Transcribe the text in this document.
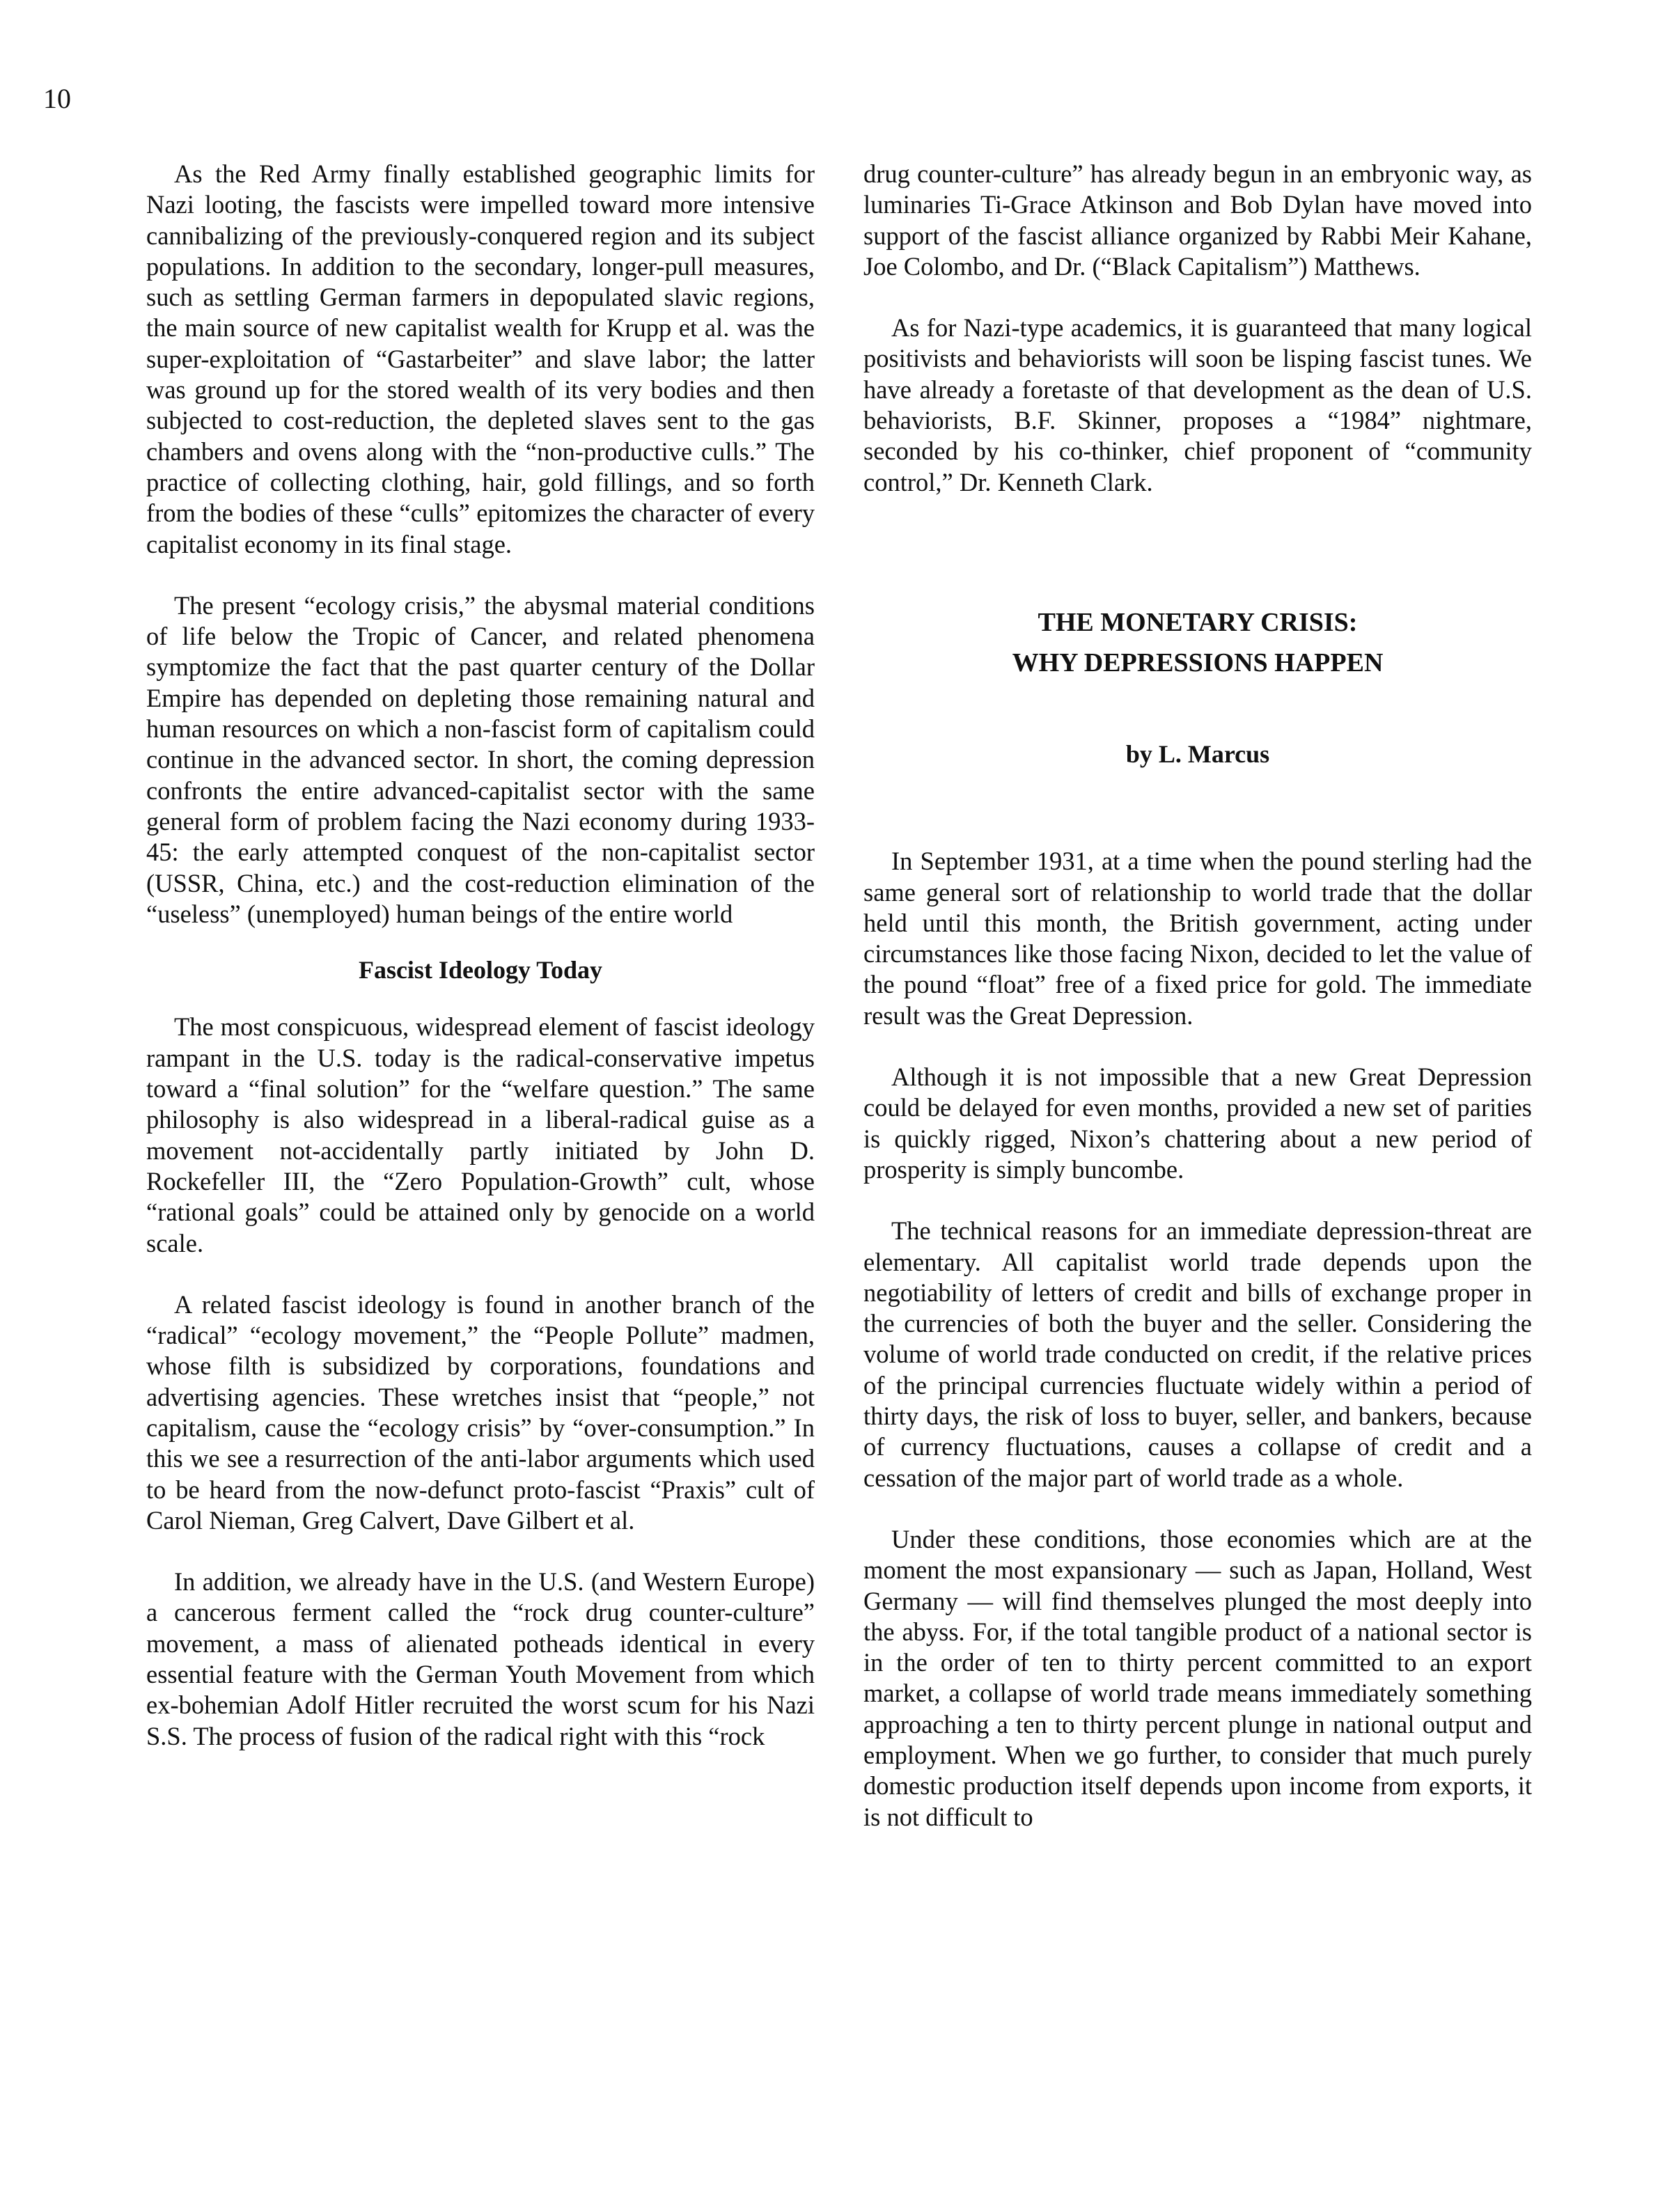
10

As the Red Army finally established geographic limits for Nazi looting, the fascists were impelled toward more intensive cannibalizing of the previously-conquered region and its subject populations. In addition to the secondary, longer-pull measures, such as settling German farmers in depopulated slavic regions, the main source of new capitalist wealth for Krupp et al. was the super-exploitation of “Gastarbeiter” and slave labor; the latter was ground up for the stored wealth of its very bodies and then subjected to cost-reduction, the depleted slaves sent to the gas chambers and ovens along with the “non-productive culls.” The practice of collecting clothing, hair, gold fillings, and so forth from the bodies of these “culls” epitomizes the character of every capitalist economy in its final stage.

The present “ecology crisis,” the abysmal material conditions of life below the Tropic of Cancer, and related phenomena symptomize the fact that the past quarter century of the Dollar Empire has depended on depleting those remaining natural and human resources on which a non-fascist form of capitalism could continue in the advanced sector. In short, the coming depression confronts the entire advanced-capitalist sector with the same general form of problem facing the Nazi economy during 1933-45: the early attempted conquest of the non-capitalist sector (USSR, China, etc.) and the cost-reduction elimination of the “useless” (unemployed) human beings of the entire world

Fascist Ideology Today

The most conspicuous, widespread element of fascist ideology rampant in the U.S. today is the radical-conservative impetus toward a “final solution” for the “welfare question.” The same philosophy is also widespread in a liberal-radical guise as a movement not-accidentally partly initiated by John D. Rockefeller III, the “Zero Population-Growth” cult, whose “rational goals” could be attained only by genocide on a world scale.

A related fascist ideology is found in another branch of the “radical” “ecology movement,” the “People Pollute” madmen, whose filth is subsidized by corporations, foundations and advertising agencies. These wretches insist that “people,” not capitalism, cause the “ecology crisis” by “over-consumption.” In this we see a resurrection of the anti-labor arguments which used to be heard from the now-defunct proto-fascist “Praxis” cult of Carol Nieman, Greg Calvert, Dave Gilbert et al.

In addition, we already have in the U.S. (and Western Europe) a cancerous ferment called the “rock drug counter-culture” movement, a mass of alienated potheads identical in every essential feature with the German Youth Movement from which ex-bohemian Adolf Hitler recruited the worst scum for his Nazi S.S. The process of fusion of the radical right with this “rock

drug counter-culture” has already begun in an embryonic way, as luminaries Ti-Grace Atkinson and Bob Dylan have moved into support of the fascist alliance organized by Rabbi Meir Kahane, Joe Colombo, and Dr. (“Black Capitalism”) Matthews.

As for Nazi-type academics, it is guaranteed that many logical positivists and behaviorists will soon be lisping fascist tunes. We have already a foretaste of that development as the dean of U.S. behaviorists, B.F. Skinner, proposes a “1984” nightmare, seconded by his co-thinker, chief proponent of “community control,” Dr. Kenneth Clark.

THE MONETARY CRISIS:
WHY DEPRESSIONS HAPPEN
by L. Marcus

In September 1931, at a time when the pound sterling had the same general sort of relationship to world trade that the dollar held until this month, the British government, acting under circumstances like those facing Nixon, decided to let the value of the pound “float” free of a fixed price for gold. The immediate result was the Great Depression.

Although it is not impossible that a new Great Depression could be delayed for even months, provided a new set of parities is quickly rigged, Nixon’s chattering about a new period of prosperity is simply buncombe.

The technical reasons for an immediate depression-threat are elementary. All capitalist world trade depends upon the negotiability of letters of credit and bills of exchange proper in the currencies of both the buyer and the seller. Considering the volume of world trade conducted on credit, if the relative prices of the principal currencies fluctuate widely within a period of thirty days, the risk of loss to buyer, seller, and bankers, because of currency fluctuations, causes a collapse of credit and a cessation of the major part of world trade as a whole.

Under these conditions, those economies which are at the moment the most expansionary — such as Japan, Holland, West Germany — will find themselves plunged the most deeply into the abyss. For, if the total tangible product of a national sector is in the order of ten to thirty percent committed to an export market, a collapse of world trade means immediately something approaching a ten to thirty percent plunge in national output and employment. When we go further, to consider that much purely domestic production itself depends upon income from exports, it is not difficult to
